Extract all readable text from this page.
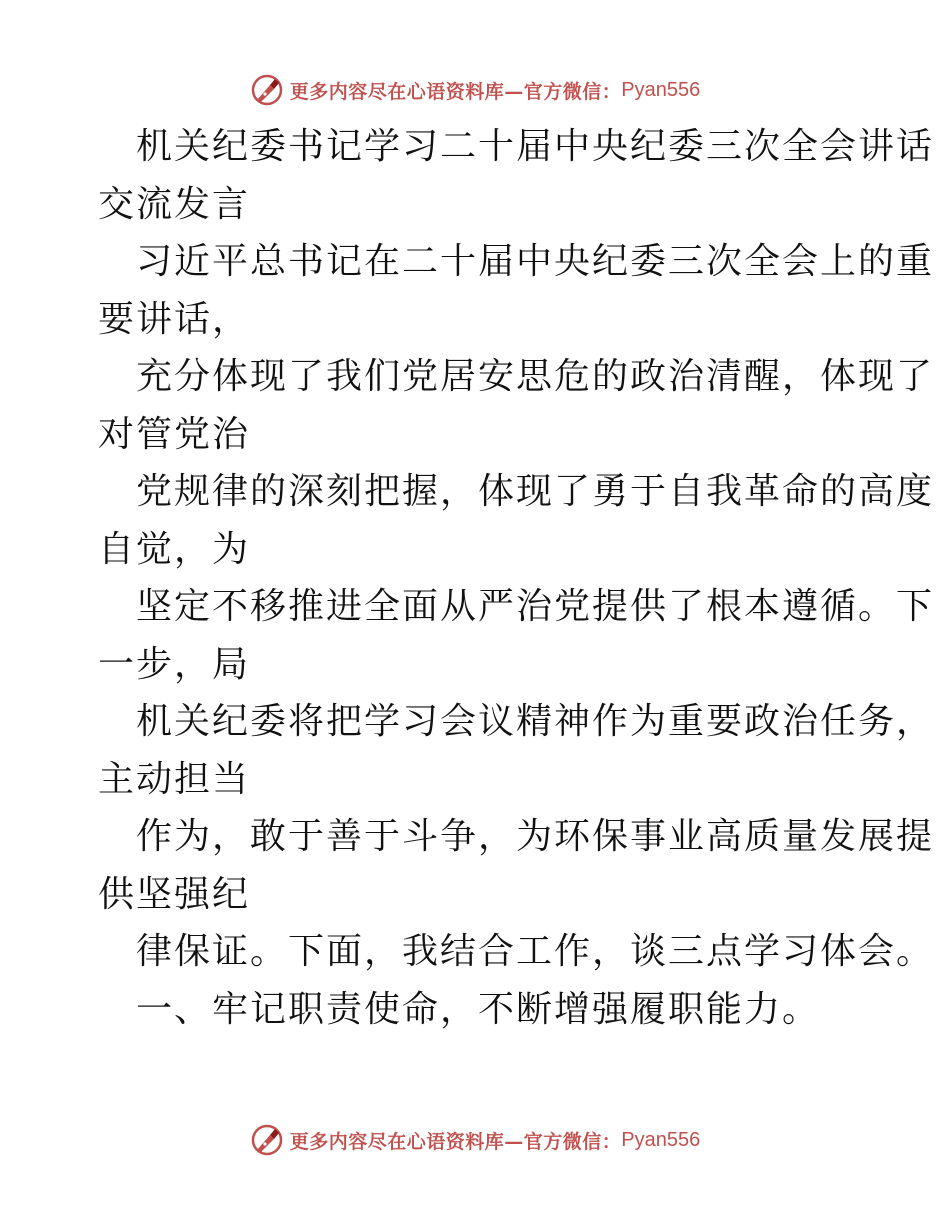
更多内容尽在心语资料库—官方微信： Pyan556
机关纪委书记学习二十届中央纪委三次全会讲话
交流发言
习近平总书记在二十届中央纪委三次全会上的重
要讲话，
充分体现了我们党居安思危的政治清醒，体现了
对管党治
党规律的深刻把握，体现了勇于自我革命的高度
自觉，为
坚定不移推进全面从严治党提供了根本遵循。下
一步，局
机关纪委将把学习会议精神作为重要政治任务，
主动担当
作为，敢于善于斗争，为环保事业高质量发展提
供坚强纪
律保证。下面，我结合工作，谈三点学习体会。
一、牢记职责使命，不断增强履职能力。
更多内容尽在心语资料库—官方微信： Pyan556
